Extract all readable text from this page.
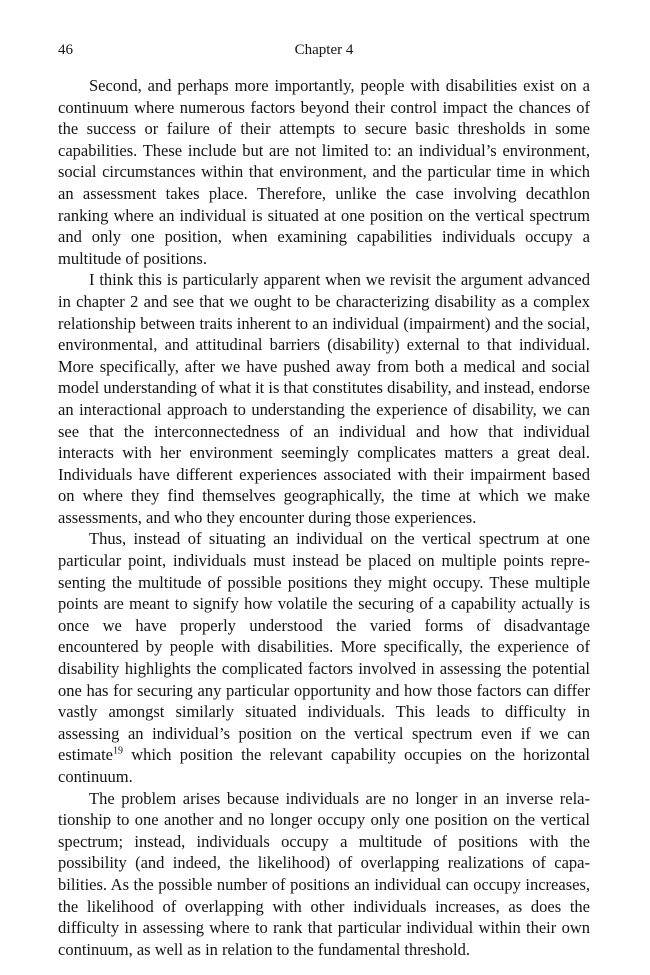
46	Chapter 4

Second, and perhaps more importantly, people with disabilities exist on a continuum where numerous factors beyond their control impact the chances of the success or failure of their attempts to secure basic thresholds in some capabilities. These include but are not limited to: an individual’s environment, social circumstances within that environment, and the particular time in which an assessment takes place. Therefore, unlike the case involving decathlon ranking where an individual is situated at one position on the vertical spectrum and only one position, when examining capabilities individuals occupy a multitude of positions.

I think this is particularly apparent when we revisit the argument advanced in chapter 2 and see that we ought to be characterizing disability as a complex relationship between traits inherent to an individual (impairment) and the social, environmental, and attitudinal barriers (disability) external to that individual. More specifically, after we have pushed away from both a medical and social model understanding of what it is that constitutes disability, and instead, endorse an interactional approach to understanding the experience of disability, we can see that the interconnectedness of an individual and how that individual interacts with her environment seemingly complicates matters a great deal. Individuals have different experiences associated with their impairment based on where they find themselves geographically, the time at which we make assessments, and who they encounter during those experiences.

Thus, instead of situating an individual on the vertical spectrum at one particular point, individuals must instead be placed on multiple points representing the multitude of possible positions they might occupy. These multiple points are meant to signify how volatile the securing of a capability actually is once we have properly understood the varied forms of disadvantage encountered by people with disabilities. More specifically, the experience of disability highlights the complicated factors involved in assessing the potential one has for securing any particular opportunity and how those factors can differ vastly amongst similarly situated individuals. This leads to difficulty in assessing an individual’s position on the vertical spectrum even if we can estimate$^{19}$ which position the relevant capability occupies on the horizontal continuum.

The problem arises because individuals are no longer in an inverse relationship to one another and no longer occupy only one position on the vertical spectrum; instead, individuals occupy a multitude of positions with the possibility (and indeed, the likelihood) of overlapping realizations of capabilities. As the possible number of positions an individual can occupy increases, the likelihood of overlapping with other individuals increases, as does the difficulty in assessing where to rank that particular individual within their own continuum, as well as in relation to the fundamental threshold.
